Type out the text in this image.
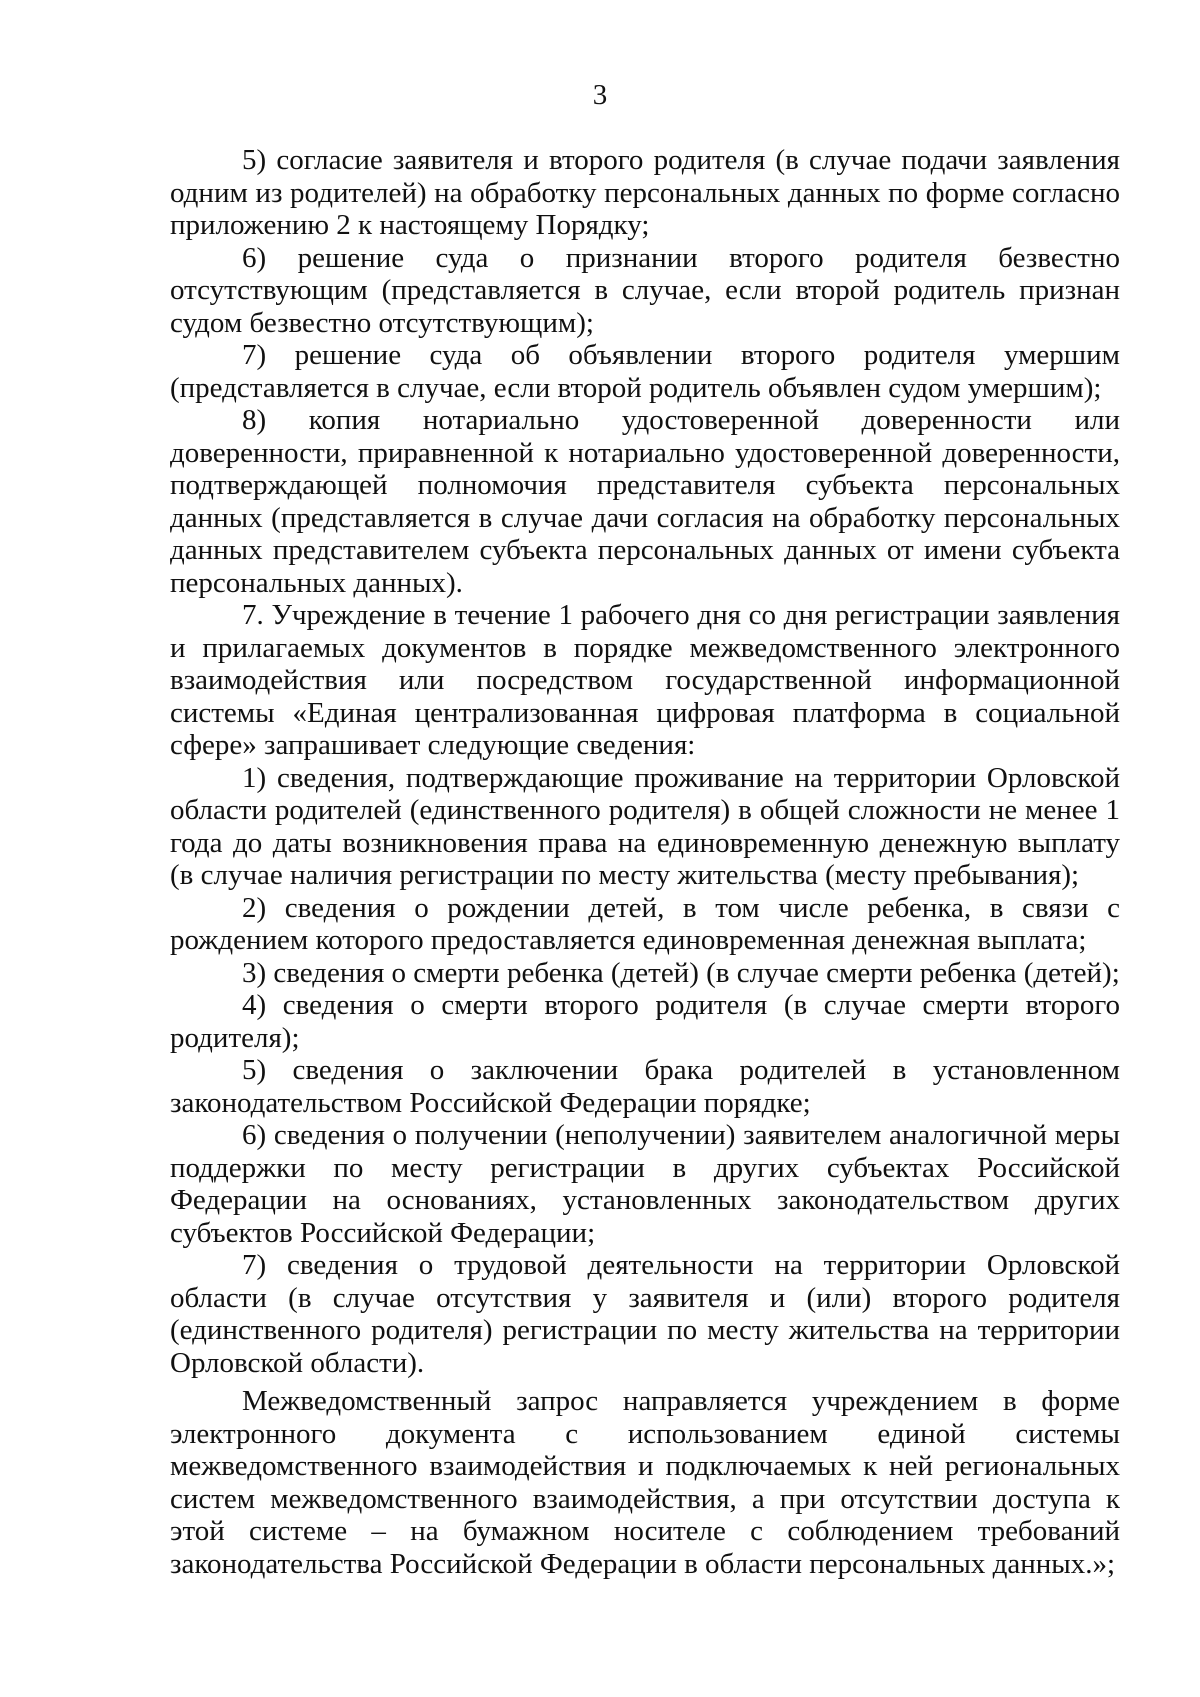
3

5) согласие заявителя и второго родителя (в случае подачи заявления одним из родителей) на обработку персональных данных по форме согласно приложению 2 к настоящему Порядку;

6) решение суда о признании второго родителя безвестно отсутствующим (представляется в случае, если второй родитель признан судом безвестно отсутствующим);

7) решение суда об объявлении второго родителя умершим (представляется в случае, если второй родитель объявлен судом умершим);

8) копия нотариально удостоверенной доверенности или доверенности, приравненной к нотариально удостоверенной доверенности, подтверждающей полномочия представителя субъекта персональных данных (представляется в случае дачи согласия на обработку персональных данных представителем субъекта персональных данных от имени субъекта персональных данных).

7. Учреждение в течение 1 рабочего дня со дня регистрации заявления и прилагаемых документов в порядке межведомственного электронного взаимодействия или посредством государственной информационной системы «Единая централизованная цифровая платформа в социальной сфере» запрашивает следующие сведения:

1) сведения, подтверждающие проживание на территории Орловской области родителей (единственного родителя) в общей сложности не менее 1 года до даты возникновения права на единовременную денежную выплату (в случае наличия регистрации по месту жительства (месту пребывания);

2) сведения о рождении детей, в том числе ребенка, в связи с рождением которого предоставляется единовременная денежная выплата;

3) сведения о смерти ребенка (детей) (в случае смерти ребенка (детей);

4) сведения о смерти второго родителя (в случае смерти второго родителя);

5) сведения о заключении брака родителей в установленном законодательством Российской Федерации порядке;

6) сведения о получении (неполучении) заявителем аналогичной меры поддержки по месту регистрации в других субъектах Российской Федерации на основаниях, установленных законодательством других субъектов Российской Федерации;

7) сведения о трудовой деятельности на территории Орловской области (в случае отсутствия у заявителя и (или) второго родителя (единственного родителя) регистрации по месту жительства на территории Орловской области).

Межведомственный запрос направляется учреждением в форме электронного документа с использованием единой системы межведомственного взаимодействия и подключаемых к ней региональных систем межведомственного взаимодействия, а при отсутствии доступа к этой системе – на бумажном носителе с соблюдением требований законодательства Российской Федерации в области персональных данных.»;
